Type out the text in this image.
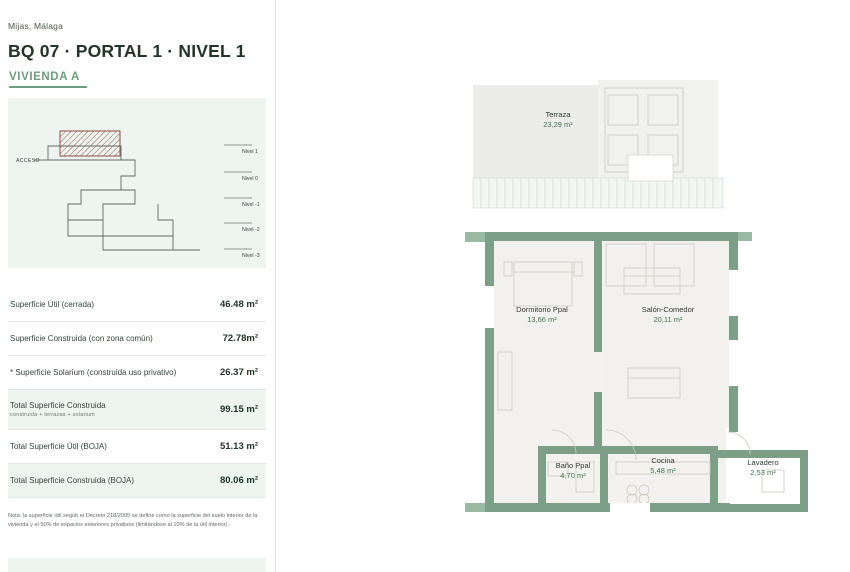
Mijas, Málaga
BQ 07 · PORTAL 1 · NIVEL 1
VIVIENDA A
ACCESO
Nivel 1
Nivel 0
Nivel -1
Nivel -2
Nivel -3
Superficie Útil (cerrada)	46.48 m²
Superficie Construida (con zona común)	72.78m²
* Superficie Solarium (construida uso privativo)	26.37 m²
Total Superficie Construida
construida + terrazas + solarium	99.15 m²
Total Superficie Útil (BOJA)	51.13 m²
Total Superficie Construida (BOJA)	80.06 m²
Nota: la superficie útil según el Decreto 218/2005 se define como la superficie del suelo interior de la vivienda y el 50% de espacios exteriores privativos (limitándose al 10% de la útil interior).
Terraza
23,29 m²
Dormitorio Ppal
13,66 m²
Salón-Comedor
20,11 m²
Baño Ppal
4,70 m²
Cocina
5,48 m²
Lavadero
2,53 m²
